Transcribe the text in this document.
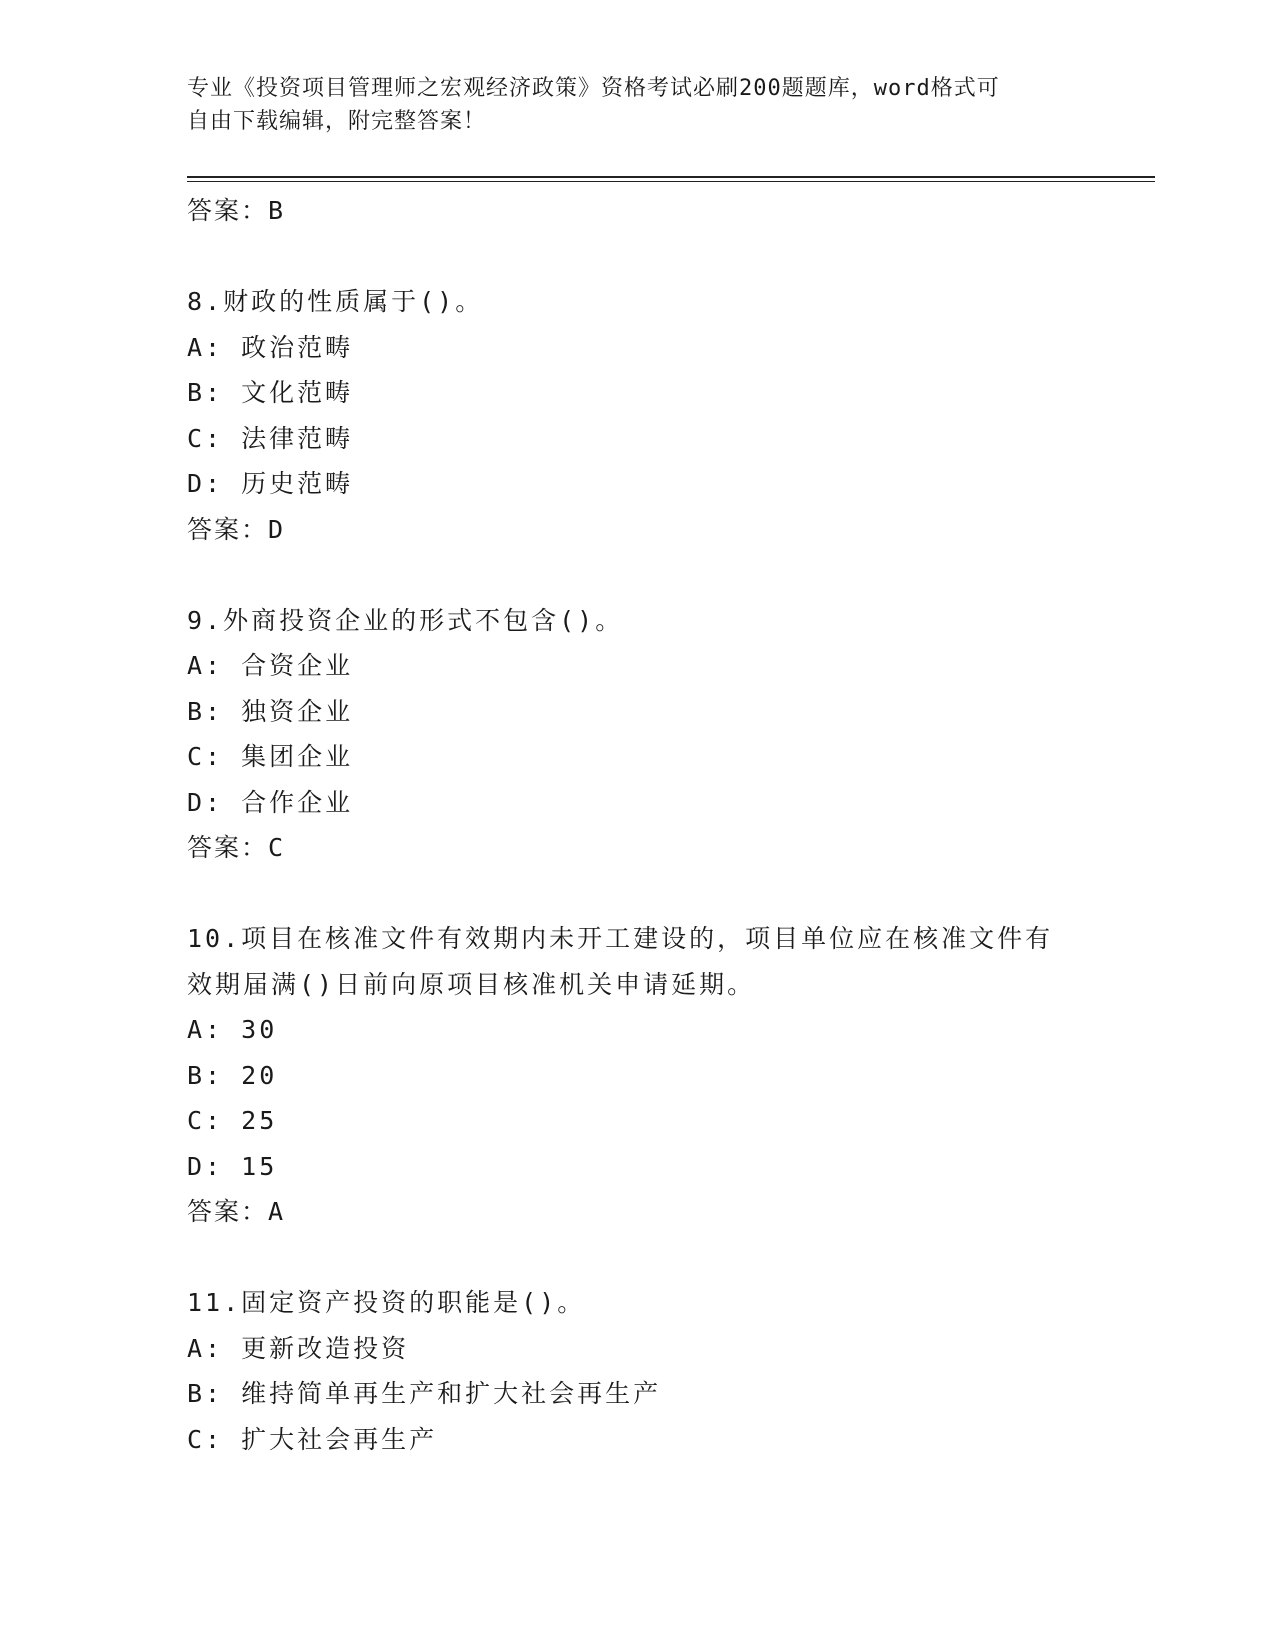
专业《投资项目管理师之宏观经济政策》资格考试必刷200题题库，word格式可
自由下载编辑，附完整答案！
答案：B
8.财政的性质属于()。
A: 政治范畴
B: 文化范畴
C: 法律范畴
D: 历史范畴
答案：D
9.外商投资企业的形式不包含()。
A: 合资企业
B: 独资企业
C: 集团企业
D: 合作企业
答案：C
10.项目在核准文件有效期内未开工建设的，项目单位应在核准文件有
效期届满()日前向原项目核准机关申请延期。
A: 30
B: 20
C: 25
D: 15
答案：A
11.固定资产投资的职能是()。
A: 更新改造投资
B: 维持简单再生产和扩大社会再生产
C: 扩大社会再生产
